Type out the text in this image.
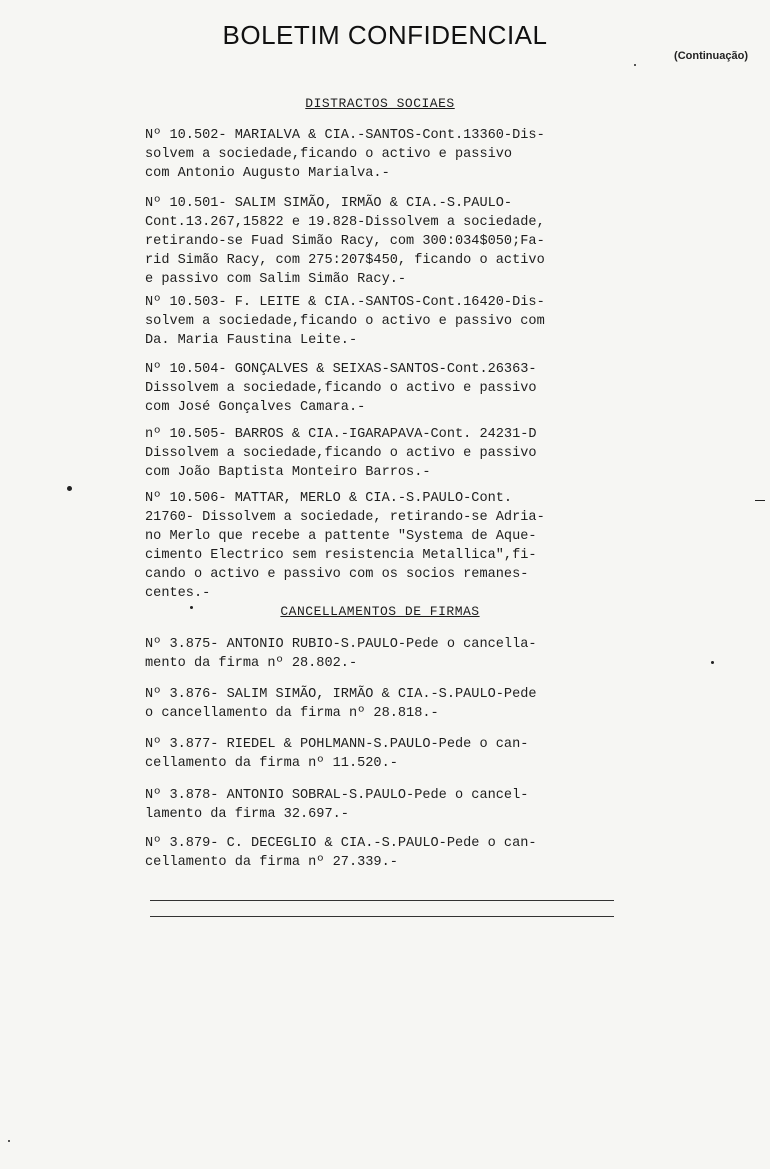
BOLETIM CONFIDENCIAL
(Continuação)
DISTRACTOS SOCIAES
Nº 10.502- MARIALVA & CIA.-SANTOS-Cont.13360-Dis-
solvem a sociedade,ficando o activo e passivo
com Antonio Augusto Marialva.-
Nº 10.501- SALIM SIMÃO, IRMÃO & CIA.-S.PAULO-
Cont.13.267,15822 e 19.828-Dissolvem a sociedade,
retirando-se Fuad Simão Racy, com 300:034$050;Fa-
rid Simão Racy, com 275:207$450, ficando o activo
e passivo com Salim Simão Racy.-
Nº 10.503- F. LEITE & CIA.-SANTOS-Cont.16420-Dis-
solvem a sociedade,ficando o activo e passivo com
Da. Maria Faustina Leite.-
Nº 10.504- GONÇALVES & SEIXAS-SANTOS-Cont.26363-
Dissolvem a sociedade,ficando o activo e passivo
com José Gonçalves Camara.-
nº 10.505- BARROS & CIA.-IGARAPAVA-Cont. 24231-D
Dissolvem a sociedade,ficando o activo e passivo
com João Baptista Monteiro Barros.-
Nº 10.506- MATTAR, MERLO & CIA.-S.PAULO-Cont.
21760- Dissolvem a sociedade, retirando-se Adria-
no Merlo que recebe a pattente "Systema de Aque-
cimento Electrico sem resistencia Metallica",fi-
cando o activo e passivo com os socios remanes-
centes.-
CANCELLAMENTOS DE FIRMAS
Nº 3.875- ANTONIO RUBIO-S.PAULO-Pede o cancella-
mento da firma nº 28.802.-
Nº 3.876- SALIM SIMÃO, IRMÃO & CIA.-S.PAULO-Pede
o cancellamento da firma nº 28.818.-
Nº 3.877- RIEDEL & POHLMANN-S.PAULO-Pede o can-
cellamento da firma nº 11.520.-
Nº 3.878- ANTONIO SOBRAL-S.PAULO-Pede o cancel-
lamento da firma 32.697.-
Nº 3.879- C. DECEGLIO & CIA.-S.PAULO-Pede o can-
cellamento da firma nº 27.339.-
